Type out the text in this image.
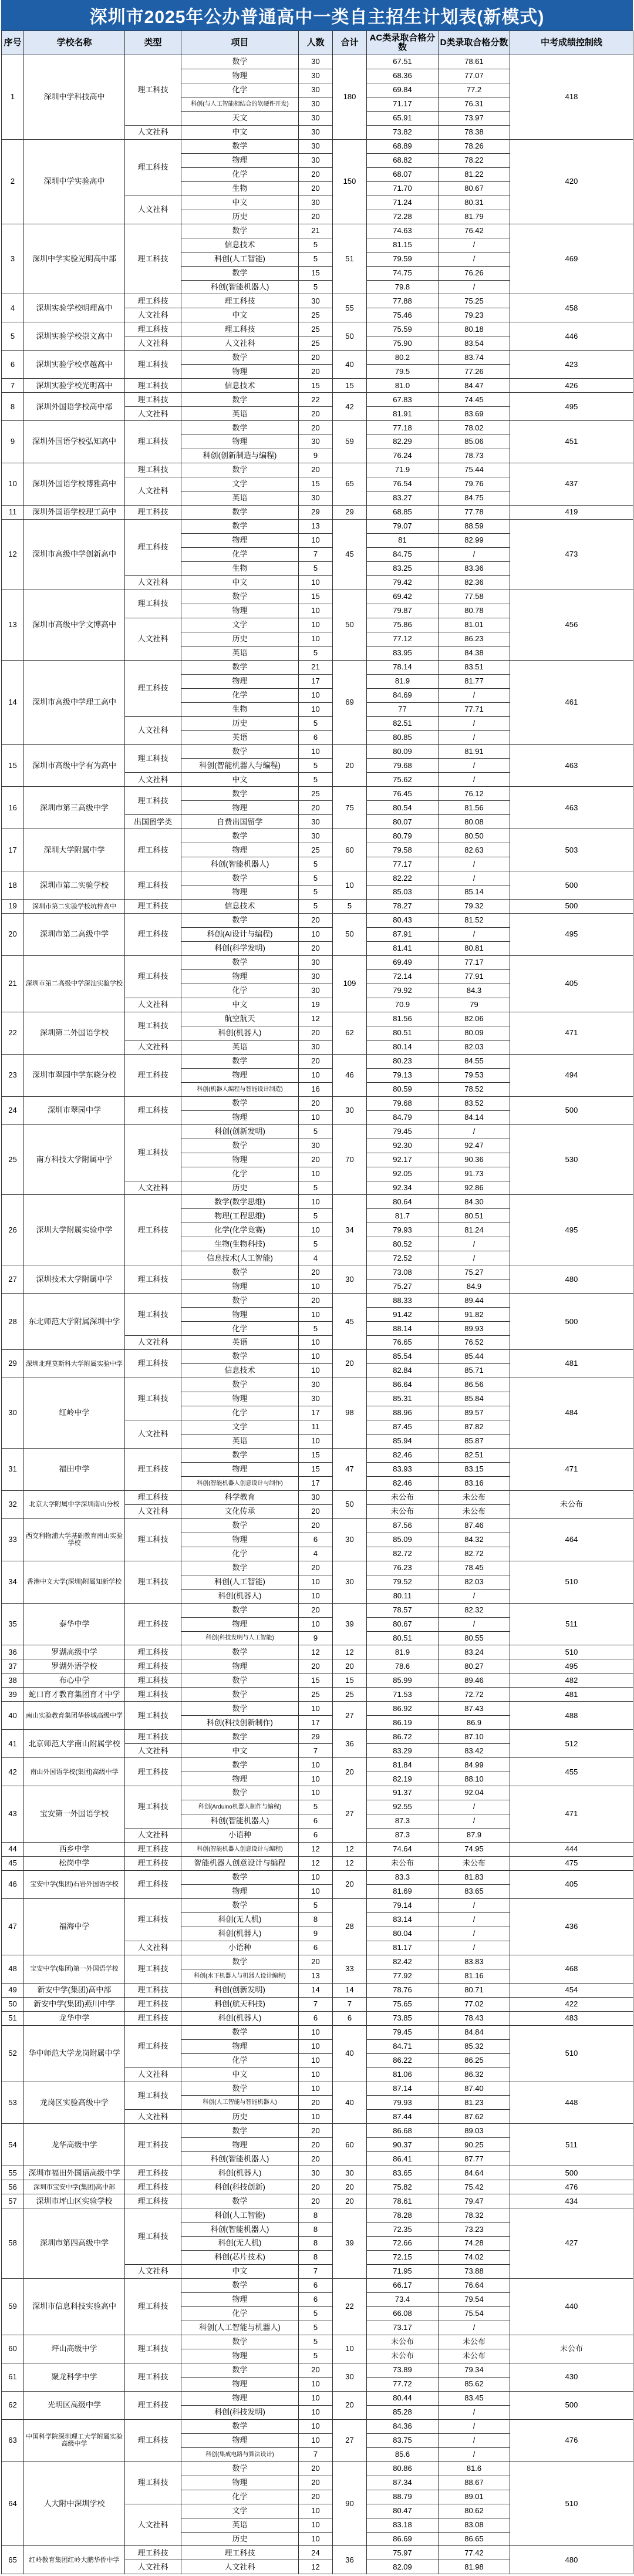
深圳市2025年公办普通高中一类自主招生计划表(新模式)
序号	学校名称	类型	项目	人数	合计	AC类录取合格分数	D类录取合格分数	中考成绩控制线
1	深圳中学科技高中	理工科技	数学	30	180	67.51	78.61	418
			物理	30		68.36	77.07	
			化学	30		69.84	77.2	
			科创(与人工智能相结合的软硬件开发)	30		71.17	76.31	
			天文	30		65.91	73.97	
		人文社科	中文	30		73.82	78.38	
2	深圳中学实验高中	理工科技	数学	30	150	68.89	78.26	420
			物理	30		68.82	78.22	
			化学	20		68.07	81.22	
			生物	20		71.70	80.67	
		人文社科	中文	30		71.24	80.31	
			历史	20		72.28	81.79	
3	深圳中学实验光明高中部	理工科技	数学	21	51	74.63	76.42	469
			信息技术	5		81.15	/	
			科创(人工智能)	5		79.59	/	
			数学	15		74.75	76.26	
			科创(智能机器人)	5		79.8	/	
4	深圳实验学校明理高中	理工科技	理工科技	30	55	77.88	75.25	458
		人文社科	中文	25		75.46	79.23	
5	深圳实验学校崇文高中	理工科技	理工科技	25	50	75.59	80.18	446
		人文社科	人文社科	25		75.90	83.54	
6	深圳实验学校卓越高中	理工科技	数学	20	40	80.2	83.74	423
			物理	20		79.5	77.26	
7	深圳实验学校光明高中	理工科技	信息技术	15	15	81.0	84.47	426
8	深圳外国语学校高中部	理工科技	数学	22	42	67.83	74.45	495
		人文社科	英语	20		81.91	83.69	
9	深圳外国语学校弘知高中	理工科技	数学	20	59	77.18	78.02	451
			物理	30		82.29	85.06	
			科创(创新制造与编程)	9		76.24	78.73	
10	深圳外国语学校博雅高中	理工科技	数学	20	65	71.9	75.44	437
		人文社科	文学	15		76.54	79.76	
			英语	30		83.27	84.75	
11	深圳外国语学校理工高中	理工科技	数学	29	29	68.85	77.78	419
12	深圳市高级中学创新高中	理工科技	数学	13	45	79.07	88.59	473
			物理	10		81	82.99	
			化学	7		84.75	/	
			生物	5		83.25	83.36	
		人文社科	中文	10		79.42	82.36	
13	深圳市高级中学文博高中	理工科技	数学	15	50	69.42	77.58	456
			物理	10		79.87	80.78	
		人文社科	文学	10		75.86	81.01	
			历史	10		77.12	86.23	
			英语	5		83.95	84.38	
14	深圳市高级中学理工高中	理工科技	数学	21	69	78.14	83.51	461
			物理	17		81.9	81.77	
			化学	10		84.69	/	
			生物	10		77	77.71	
		人文社科	历史	5		82.51	/	
			英语	6		80.85	/	
15	深圳市高级中学有为高中	理工科技	数学	10	20	80.09	81.91	463
			科创(智能机器人与编程)	5		79.68	/	
		人文社科	中文	5		75.62	/	
16	深圳市第三高级中学	理工科技	数学	25	75	76.45	76.12	463
			物理	20		80.54	81.56	
		出国留学类	自费出国留学	30		80.07	80.08	
17	深圳大学附属中学	理工科技	数学	30	60	80.79	80.50	503
			物理	25		79.58	82.63	
			科创(智能机器人)	5		77.17	/	
18	深圳市第二实验学校	理工科技	数学	5	10	82.22	/	500
			物理	5		85.03	85.14	
19	深圳市第二实验学校坑梓高中	理工科技	信息技术	5	5	78.27	79.32	500
20	深圳市第二高级中学	理工科技	数学	20	50	80.43	81.52	495
			科创(AI设计与编程)	10		87.91	/	
			科创(科学发明)	20		81.41	80.81	
21	深圳市第二高级中学深汕实验学校	理工科技	数学	30	109	69.49	77.17	405
			物理	30		72.14	77.91	
			化学	30		79.92	84.3	
		人文社科	中文	19		70.9	79	
22	深圳第二外国语学校	理工科技	航空航天	12	62	81.56	82.06	471
			科创(机器人)	20		80.51	80.09	
		人文社科	英语	30		80.14	82.03	
23	深圳市翠园中学东晓分校	理工科技	数学	20	46	80.23	84.55	494
			物理	10		79.13	79.53	
			科创(机器人编程与智能设计制造)	16		80.59	78.52	
24	深圳市翠园中学	理工科技	数学	20	30	79.68	83.52	500
			物理	10		84.79	84.14	
25	南方科技大学附属中学	理工科技	科创(创新发明)	5	70	79.45	/	530
			数学	30		92.30	92.47	
			物理	20		92.17	90.36	
			化学	10		92.05	91.73	
		人文社科	历史	5		92.34	92.86	
26	深圳大学附属实验中学	理工科技	数学(数学思维)	10	34	80.64	84.30	495
			物理(工程思维)	5		81.7	80.51	
			化学(化学竞赛)	10		79.93	81.24	
			生物(生物科技)	5		80.52	/	
			信息技术(人工智能)	4		72.52	/	
27	深圳技术大学附属中学	理工科技	数学	20	30	73.08	75.27	480
			物理	10		75.27	84.9	
28	东北师范大学附属深圳中学	理工科技	数学	20	45	88.33	89.44	500
			物理	10		91.42	91.82	
			化学	5		88.14	89.93	
		人文社科	英语	10		76.65	76.52	
29	深圳北理莫斯科大学附属实验中学	理工科技	数学	10	20	85.54	85.44	481
			信息技术	10		82.84	85.71	
30	红岭中学	理工科技	数学	30	98	86.64	86.56	484
			物理	30		85.31	85.84	
			化学	17		88.96	89.57	
		人文社科	文学	11		87.45	87.82	
			英语	10		85.94	85.87	
31	福田中学	理工科技	数学	15	47	82.46	82.51	471
			物理	15		83.93	83.15	
			科创(智能机器人创意设计与制作)	17		82.46	83.16	
32	北京大学附属中学深圳南山分校	理工科技	科学教育	30	50	未公布	未公布	未公布
		人文社科	文化传承	20		未公布	未公布	
33	西交利物浦大学基础教育南山实验学校	理工科技	数学	20	30	87.56	87.46	464
			物理	6		85.09	84.32	
			化学	4		82.72	82.72	
34	香港中文大学(深圳)附属知新学校	理工科技	数学	20	30	76.23	78.45	510
			科创(人工智能)	10		79.52	82.03	
			科创(机器人)	10		80.11	/	
35	泰华中学	理工科技	数学	20	39	78.57	82.32	511
			物理	10		80.67	/	
			科创(科技发明与人工智能)	9		80.51	80.55	
36	罗湖高级中学	理工科技	数学	12	12	81.9	83.24	510
37	罗湖外语学校	理工科技	物理	20	20	78.6	80.27	495
38	布心中学	理工科技	数学	15	15	85.99	89.46	482
39	蛇口育才教育集团育才中学	理工科技	数学	25	25	71.53	72.72	481
40	南山实验教育集团华侨城高级中学	理工科技	数学	10	27	86.92	87.43	488
			科创(科技创新制作)	17		86.19	86.9	
41	北京师范大学南山附属学校	理工科技	数学	29	36	86.72	87.10	512
		人文社科	中文	7		83.29	83.42	
42	南山外国语学校(集团)高级中学	理工科技	数学	10	20	81.84	84.99	455
			物理	10		82.19	88.10	
43	宝安第一外国语学校	理工科技	数学	10	27	91.37	92.04	471
			科创(Arduino机器人制作与编程)	5		92.55	/	
			科创(智能机器人)	6		87.3	/	
		人文社科	小语种	6		87.3	87.9	
44	西乡中学	理工科技	科创(智能机器人创意设计与编程)	12	12	74.64	74.95	444
45	松岗中学	理工科技	智能机器人创意设计与编程	12	12	未公布	未公布	475
46	宝安中学(集团)石岩外国语学校	理工科技	数学	10	20	83.3	81.83	405
			物理	10		81.69	83.65	
47	福海中学	理工科技	数学	5	28	79.14	/	436
			科创(无人机)	8		83.14	/	
			科创(机器人)	9		80.04	/	
		人文社科	小语种	6		81.17	/	
48	宝安中学(集团)第一外国语学校	理工科技	数学	20	33	82.42	83.83	468
			科创(水下机器人与机器人设计编程)	13		77.92	81.16	
49	新安中学(集团)高中部	理工科技	科创(创新发明)	14	14	78.76	80.71	454
50	新安中学(集团)燕川中学	理工科技	科创(航天科技)	7	7	75.65	77.02	422
51	龙华中学	理工科技	科创(机器人)	6	6	73.85	78.43	483
52	华中师范大学龙岗附属中学	理工科技	数学	10	40	79.45	84.84	510
			物理	10		84.71	85.32	
			化学	10		86.22	86.25	
		人文社科	中文	10		81.06	86.32	
53	龙岗区实验高级中学	理工科技	数学	10	40	87.14	87.40	448
			科创(人工智能与智能机器人)	20		79.93	81.23	
		人文社科	历史	10		87.44	87.62	
54	龙华高级中学	理工科技	数学	20	60	86.68	89.03	511
			物理	20		90.37	90.25	
			科创(智能机器人)	20		86.41	87.77	
55	深圳市福田外国语高级中学	理工科技	科创(机器人)	30	30	83.65	84.64	500
56	深圳市宝安中学(集团)高中部	理工科技	科创(科技创新)	20	20	75.82	75.42	476
57	深圳市坪山区实验学校	理工科技	数学	20	20	78.61	79.47	434
58	深圳市第四高级中学	理工科技	科创(人工智能)	8	39	78.28	78.32	427
			科创(智能机器人)	8		72.35	73.23	
			科创(无人机)	8		72.66	74.28	
			科创(芯片技术)	8		72.15	74.02	
		人文社科	中文	7		71.95	73.88	
59	深圳市信息科技实验高中	理工科技	数学	6	22	66.17	76.64	440
			物理	6		73.4	79.54	
			化学	5		66.08	75.54	
			科创(人工智能与机器人)	5		73.17	/	
60	坪山高级中学	理工科技	数学	5	10	未公布	未公布	未公布
			物理	5		未公布	未公布	
61	聚龙科学中学	理工科技	数学	20	30	73.89	79.34	430
			物理	10		77.72	85.62	
62	光明区高级中学	理工科技	物理	10	20	80.44	83.45	500
			科创(科技发明)	10		85.28	/	
63	中国科学院深圳理工大学附属实验高级中学	理工科技	数学	10	27	84.36	/	476
			物理	10		83.75	/	
			科创(集成电路与算法设计)	7		85.6	/	
64	人大附中深圳学校	理工科技	数学	20	90	80.86	81.6	510
			物理	20		87.34	88.67	
			化学	20		88.79	89.01	
		人文社科	文学	10		80.47	80.62	
			英语	10		83.18	83.08	
			历史	10		86.69	86.65	
65	红岭教育集团红岭大鹏华侨中学	理工科技	理工科技	24	36	75.97	77.42	480
		人文社科	人文社科	12		82.09	81.98	
